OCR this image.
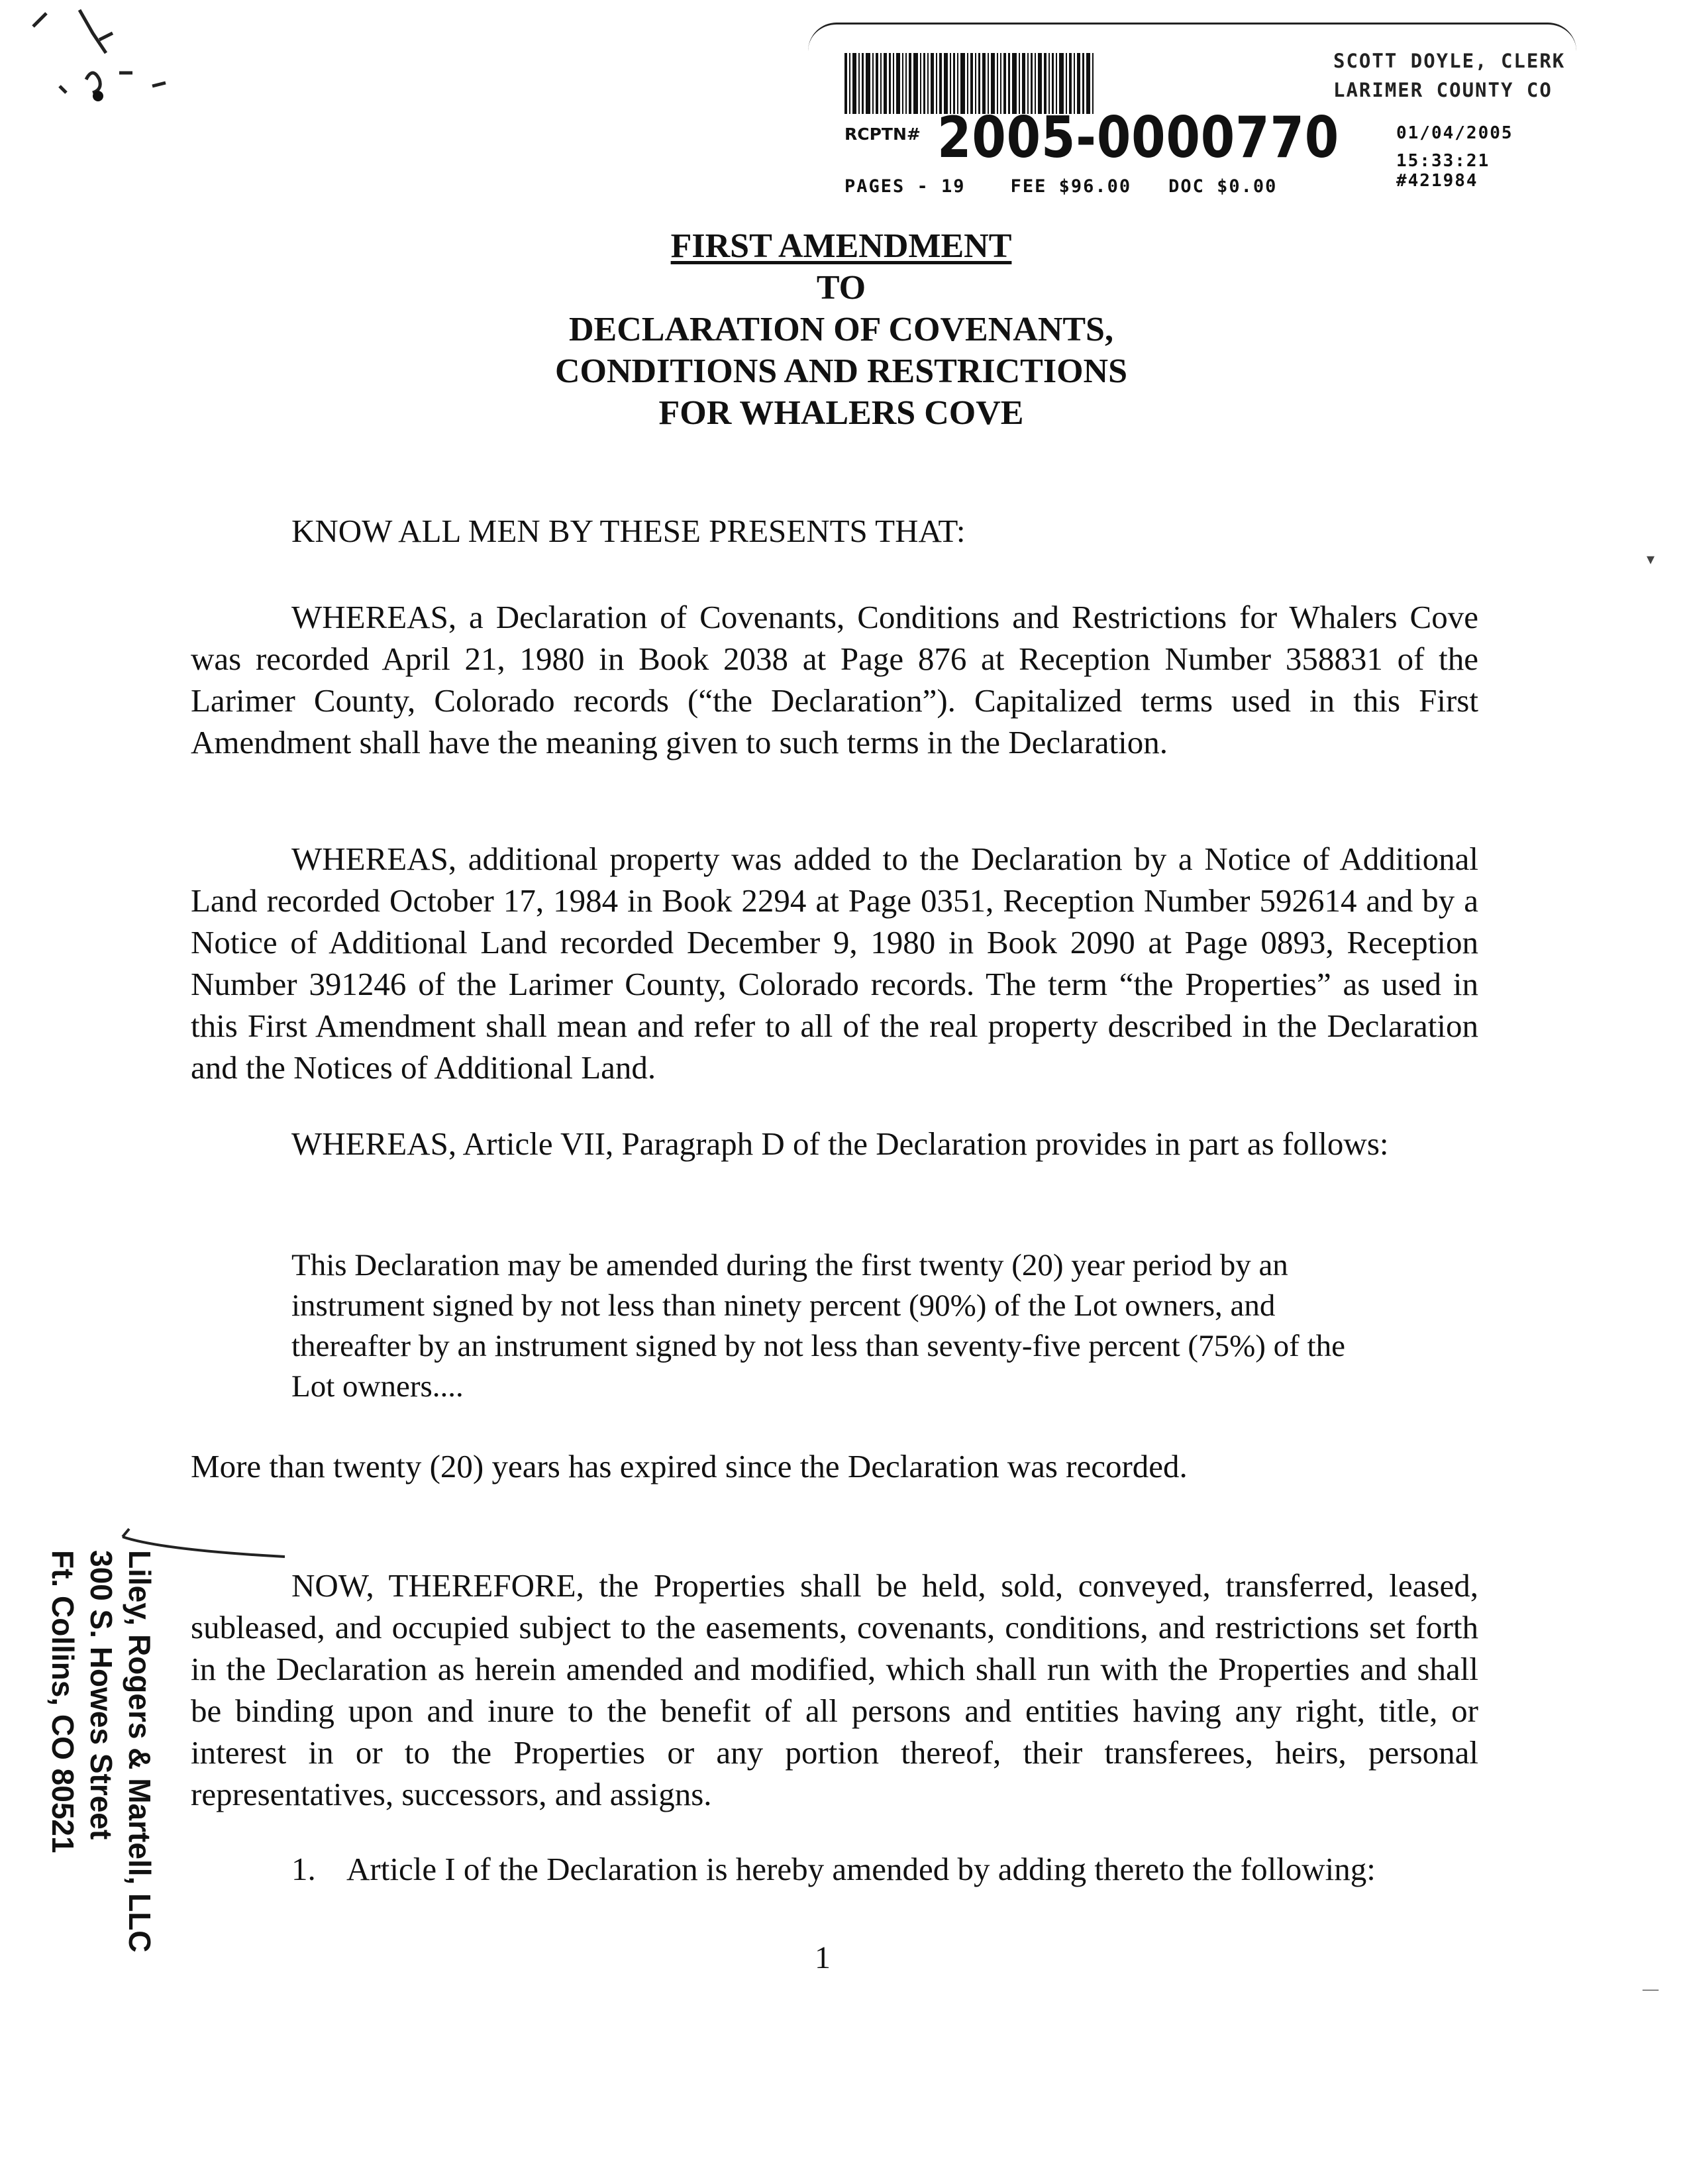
SCOTT DOYLE, CLERK
LARIMER COUNTY CO
RCPTN# 2005-0000770	01/04/2005
15:33:21
PAGES - 19	FEE $96.00 DOC $0.00	#421984
FIRST AMENDMENT
TO
DECLARATION OF COVENANTS,
CONDITIONS AND RESTRICTIONS
FOR WHALERS COVE

KNOW ALL MEN BY THESE PRESENTS THAT:

WHEREAS, a Declaration of Covenants, Conditions and Restrictions for Whalers Cove was recorded April 21, 1980 in Book 2038 at Page 876 at Reception Number 358831 of the Larimer County, Colorado records (“the Declaration”). Capitalized terms used in this First Amendment shall have the meaning given to such terms in the Declaration.

WHEREAS, additional property was added to the Declaration by a Notice of Additional Land recorded October 17, 1984 in Book 2294 at Page 0351, Reception Number 592614 and by a Notice of Additional Land recorded December 9, 1980 in Book 2090 at Page 0893, Reception Number 391246 of the Larimer County, Colorado records. The term “the Properties” as used in this First Amendment shall mean and refer to all of the real property described in the Declaration and the Notices of Additional Land.

WHEREAS, Article VII, Paragraph D of the Declaration provides in part as follows:

This Declaration may be amended during the first twenty (20) year period by an instrument signed by not less than ninety percent (90%) of the Lot owners, and thereafter by an instrument signed by not less than seventy-five percent (75%) of the Lot owners....

More than twenty (20) years has expired since the Declaration was recorded.

NOW, THEREFORE, the Properties shall be held, sold, conveyed, transferred, leased, subleased, and occupied subject to the easements, covenants, conditions, and restrictions set forth in the Declaration as herein amended and modified, which shall run with the Properties and shall be binding upon and inure to the benefit of all persons and entities having any right, title, or interest in or to the Properties or any portion thereof, their transferees, heirs, personal representatives, successors, and assigns.

1.    Article I of the Declaration is hereby amended by adding thereto the following:

1
Liley, Rogers & Martell, LLC
300 S. Howes Street
Ft. Collins, CO 80521
▾
—
